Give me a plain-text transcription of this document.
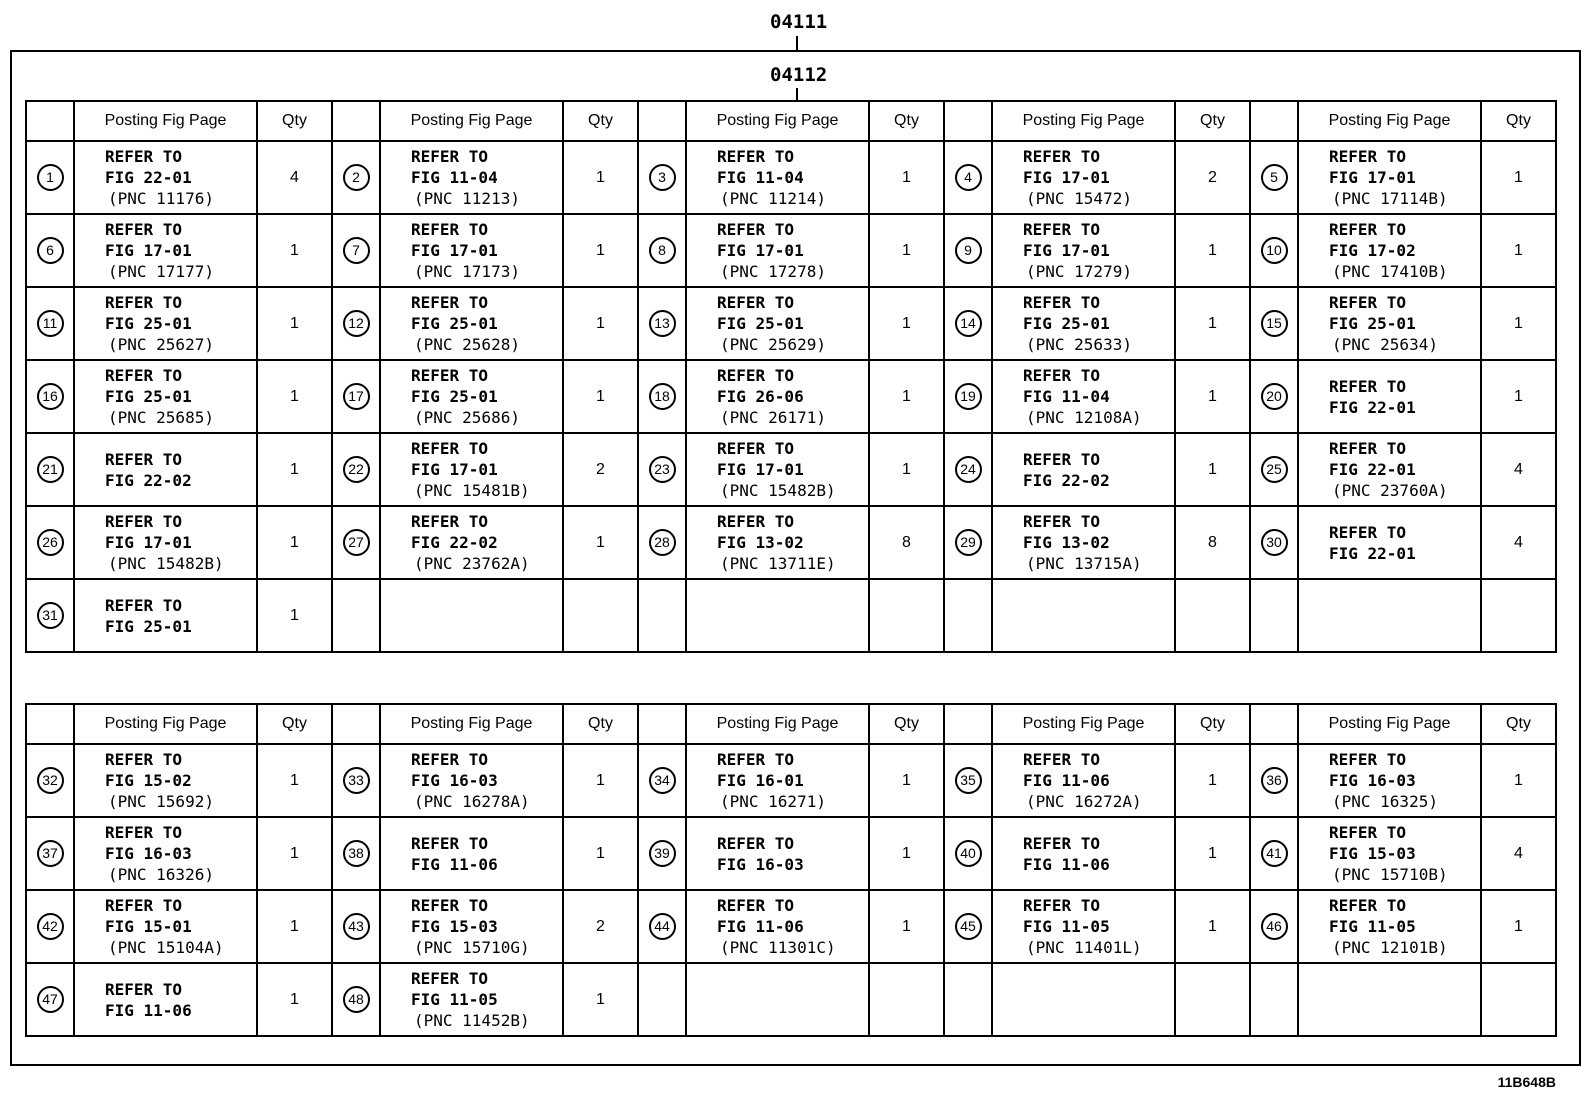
04111
04112
	Posting Fig Page	Qty		Posting Fig Page	Qty		Posting Fig Page	Qty		Posting Fig Page	Qty		Posting Fig Page	Qty
1	REFER TO
FIG 22-01
(PNC 11176)	4	2	REFER TO
FIG 11-04
(PNC 11213)	1	3	REFER TO
FIG 11-04
(PNC 11214)	1	4	REFER TO
FIG 17-01
(PNC 15472)	2	5	REFER TO
FIG 17-01
(PNC 17114B)	1
6	REFER TO
FIG 17-01
(PNC 17177)	1	7	REFER TO
FIG 17-01
(PNC 17173)	1	8	REFER TO
FIG 17-01
(PNC 17278)	1	9	REFER TO
FIG 17-01
(PNC 17279)	1	10	REFER TO
FIG 17-02
(PNC 17410B)	1
11	REFER TO
FIG 25-01
(PNC 25627)	1	12	REFER TO
FIG 25-01
(PNC 25628)	1	13	REFER TO
FIG 25-01
(PNC 25629)	1	14	REFER TO
FIG 25-01
(PNC 25633)	1	15	REFER TO
FIG 25-01
(PNC 25634)	1
16	REFER TO
FIG 25-01
(PNC 25685)	1	17	REFER TO
FIG 25-01
(PNC 25686)	1	18	REFER TO
FIG 26-06
(PNC 26171)	1	19	REFER TO
FIG 11-04
(PNC 12108A)	1	20	REFER TO
FIG 22-01	1
21	REFER TO
FIG 22-02	1	22	REFER TO
FIG 17-01
(PNC 15481B)	2	23	REFER TO
FIG 17-01
(PNC 15482B)	1	24	REFER TO
FIG 22-02	1	25	REFER TO
FIG 22-01
(PNC 23760A)	4
26	REFER TO
FIG 17-01
(PNC 15482B)	1	27	REFER TO
FIG 22-02
(PNC 23762A)	1	28	REFER TO
FIG 13-02
(PNC 13711E)	8	29	REFER TO
FIG 13-02
(PNC 13715A)	8	30	REFER TO
FIG 22-01	4
31	REFER TO
FIG 25-01	1												
	Posting Fig Page	Qty		Posting Fig Page	Qty		Posting Fig Page	Qty		Posting Fig Page	Qty		Posting Fig Page	Qty
32	REFER TO
FIG 15-02
(PNC 15692)	1	33	REFER TO
FIG 16-03
(PNC 16278A)	1	34	REFER TO
FIG 16-01
(PNC 16271)	1	35	REFER TO
FIG 11-06
(PNC 16272A)	1	36	REFER TO
FIG 16-03
(PNC 16325)	1
37	REFER TO
FIG 16-03
(PNC 16326)	1	38	REFER TO
FIG 11-06	1	39	REFER TO
FIG 16-03	1	40	REFER TO
FIG 11-06	1	41	REFER TO
FIG 15-03
(PNC 15710B)	4
42	REFER TO
FIG 15-01
(PNC 15104A)	1	43	REFER TO
FIG 15-03
(PNC 15710G)	2	44	REFER TO
FIG 11-06
(PNC 11301C)	1	45	REFER TO
FIG 11-05
(PNC 11401L)	1	46	REFER TO
FIG 11-05
(PNC 12101B)	1
47	REFER TO
FIG 11-06	1	48	REFER TO
FIG 11-05
(PNC 11452B)	1									
11B648B
